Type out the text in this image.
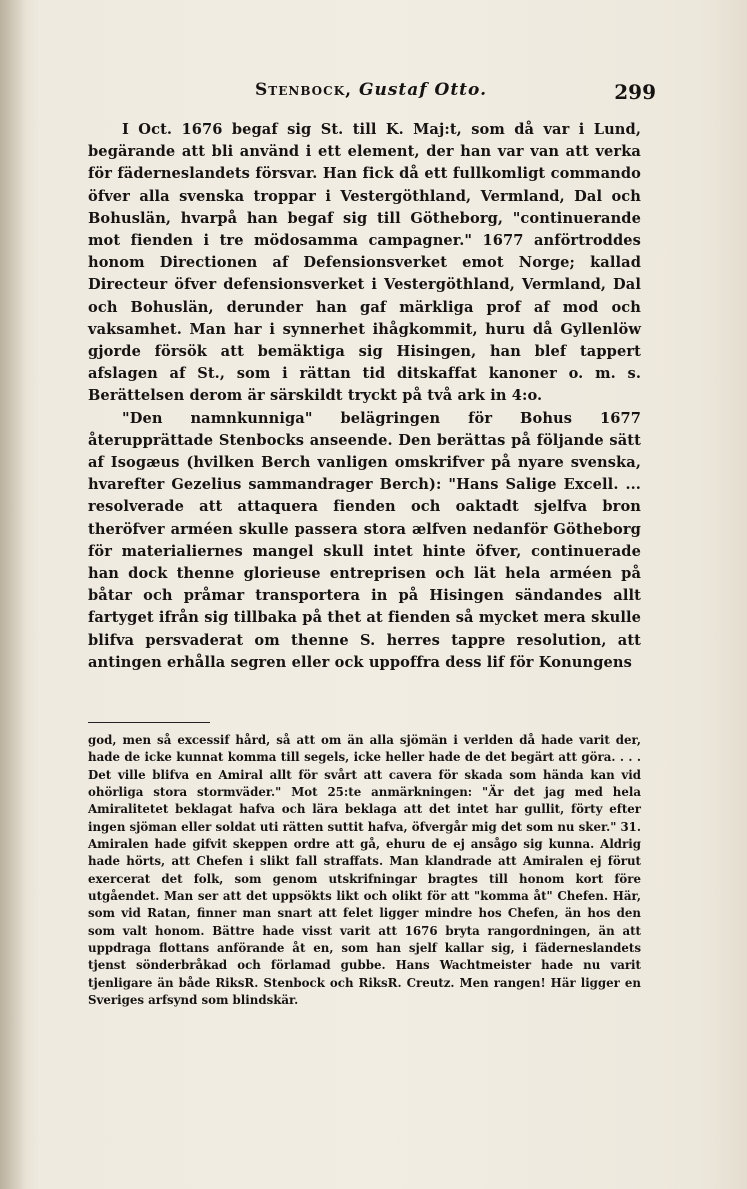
Stenbock, Gustaf Otto.	299

I Oct. 1676 begaf sig St. till K. Maj:t, som då var i Lund, begärande att bli använd i ett element, der han var van att verka för fäderneslandets försvar. Han fick då ett fullkomligt commando öfver alla svenska troppar i Vestergöthland, Vermland, Dal och Bohuslän, hvarpå han begaf sig till Götheborg, "continuerande mot fienden i tre mödosamma campagner." 1677 anförtroddes honom Directionen af Defensionsverket emot Norge; kallad Directeur öfver defensionsverket i Vestergöthland, Vermland, Dal och Bohuslän, derunder han gaf märkliga prof af mod och vaksamhet. Man har i synnerhet ihågkommit, huru då Gyllenlöw gjorde försök att bemäktiga sig Hisingen, han blef tappert afslagen af St., som i rättan tid ditskaffat kanoner o. m. s. Berättelsen derom är särskildt tryckt på två ark in 4:o.

"Den namnkunniga" belägringen för Bohus 1677 återupprättade Stenbocks anseende. Den berättas på följande sätt af Isogæus (hvilken Berch vanligen omskrifver på nyare svenska, hvarefter Gezelius sammandrager Berch): "Hans Salige Excell. ... resolverade att attaquera fienden och oaktadt sjelfva bron theröfver arméen skulle passera stora ælfven nedanför Götheborg för materialiernes mangel skull intet hinte öfver, continuerade han dock thenne glorieuse entreprisen och lät hela arméen på båtar och pråmar transportera in på Hisingen sändandes allt fartyget ifrån sig tillbaka på thet at fienden så mycket mera skulle blifva persvaderat om thenne S. herres tappre resolution, att antingen erhålla segren eller ock uppoffra dess lif för Konungens

god, men så excessif hård, så att om än alla sjömän i verlden då hade varit der, hade de icke kunnat komma till segels, icke heller hade de det begärt att göra. . . . Det ville blifva en Amiral allt för svårt att cavera för skada som hända kan vid ohörliga stora stormväder." Mot 25:te anmärkningen: "Är det jag med hela Amiralitetet beklagat hafva och lära beklaga att det intet har gullit, förty efter ingen sjöman eller soldat uti rätten suttit hafva, öfvergår mig det som nu sker." 31. Amiralen hade gifvit skeppen ordre att gå, ehuru de ej ansågo sig kunna. Aldrig hade hörts, att Chefen i slikt fall straffats. Man klandrade att Amiralen ej förut exercerat det folk, som genom utskrifningar bragtes till honom kort före utgåendet. Man ser att det uppsökts likt och olikt för att "komma åt" Chefen. Här, som vid Ratan, finner man snart att felet ligger mindre hos Chefen, än hos den som valt honom. Bättre hade visst varit att 1676 bryta rangordningen, än att uppdraga flottans anförande åt en, som han sjelf kallar sig, i fäderneslandets tjenst sönderbråkad och förlamad gubbe. Hans Wachtmeister hade nu varit tjenligare än både RiksR. Stenbock och RiksR. Creutz. Men rangen! Här ligger en Sveriges arfsynd som blindskär.
